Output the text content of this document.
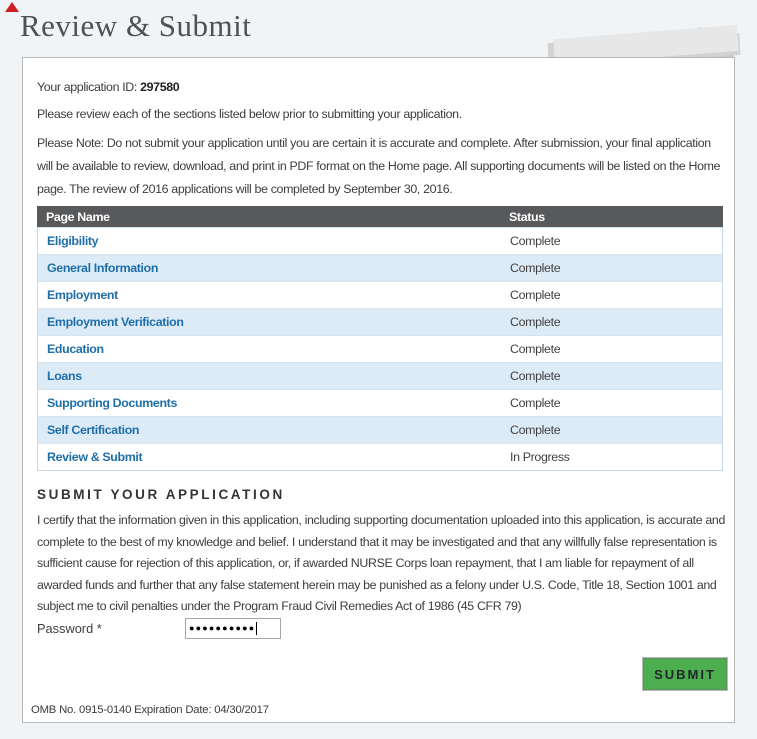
Review & Submit

Your application ID: 297580

Please review each of the sections listed below prior to submitting your application.

Please Note: Do not submit your application until you are certain it is accurate and complete. After submission, your final application will be available to review, download, and print in PDF format on the Home page. All supporting documents will be listed on the Home page. The review of 2016 applications will be completed by September 30, 2016.

Page Name	Status
Eligibility	Complete
General Information	Complete
Employment	Complete
Employment Verification	Complete
Education	Complete
Loans	Complete
Supporting Documents	Complete
Self Certification	Complete
Review & Submit	In Progress
SUBMIT YOUR APPLICATION

I certify that the information given in this application, including supporting documentation uploaded into this application, is accurate and complete to the best of my knowledge and belief. I understand that it may be investigated and that any willfully false representation is sufficient cause for rejection of this application, or, if awarded NURSE Corps loan repayment, that I am liable for repayment of all awarded funds and further that any false statement herein may be punished as a felony under U.S. Code, Title 18, Section 1001 and subject me to civil penalties under the Program Fraud Civil Remedies Act of 1986 (45 CFR 79)

Password *	●●●●●●●●●●
SUBMIT
OMB No. 0915-0140 Expiration Date: 04/30/2017
